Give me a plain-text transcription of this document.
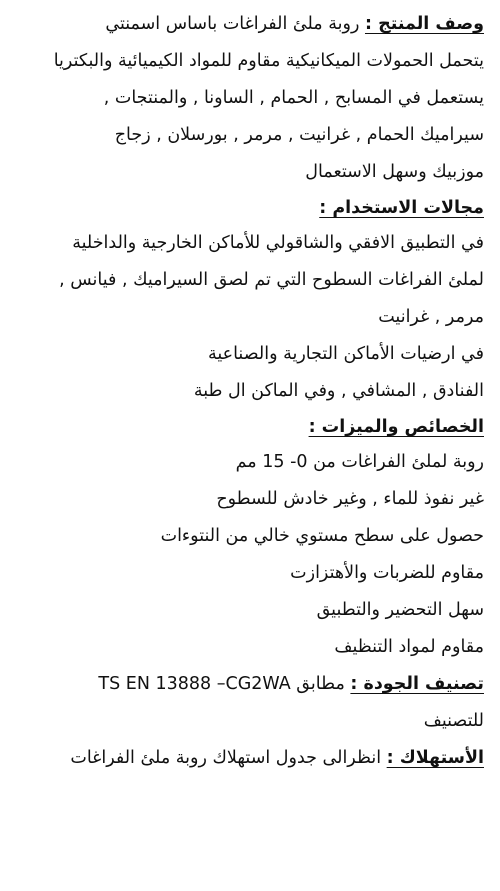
وصف المنتج : روبة ملئ الفراغات باساس اسمنتي
يتحمل الحمولات الميكانيكية مقاوم للمواد الكيميائية والبكتريا
يستعمل في المسابح , الحمام , الساونا , والمنتجات ,
سيراميك الحمام , غرانيت , مرمر , بورسلان , زجاج
موزبيك وسهل الاستعمال
مجالات الاستخدام :
في التطبيق الافقي والشاقولي للأماكن الخارجية والداخلية
لملئ الفراغات السطوح التي تم لصق السيراميك , فيانس ,
مرمر , غرانيت
في ارضيات الأماكن التجارية والصناعية
الفنادق , المشافي , وفي الماكن ال طبة
الخصائص والميزات :
روبة لملئ الفراغات من 0- 15 مم
غير نفوذ للماء , وغير خادش للسطوح
حصول على سطح مستوي خالي من النتوءات
مقاوم للضربات والأهتزازت
سهل التحضير والتطبيق
مقاوم لمواد التنظيف
تصنيف الجودة : مطابق TS EN 13888 –CG2WA
للتصنيف
الأستهلاك : انظرالى جدول استهلاك روبة ملئ الفراغات
